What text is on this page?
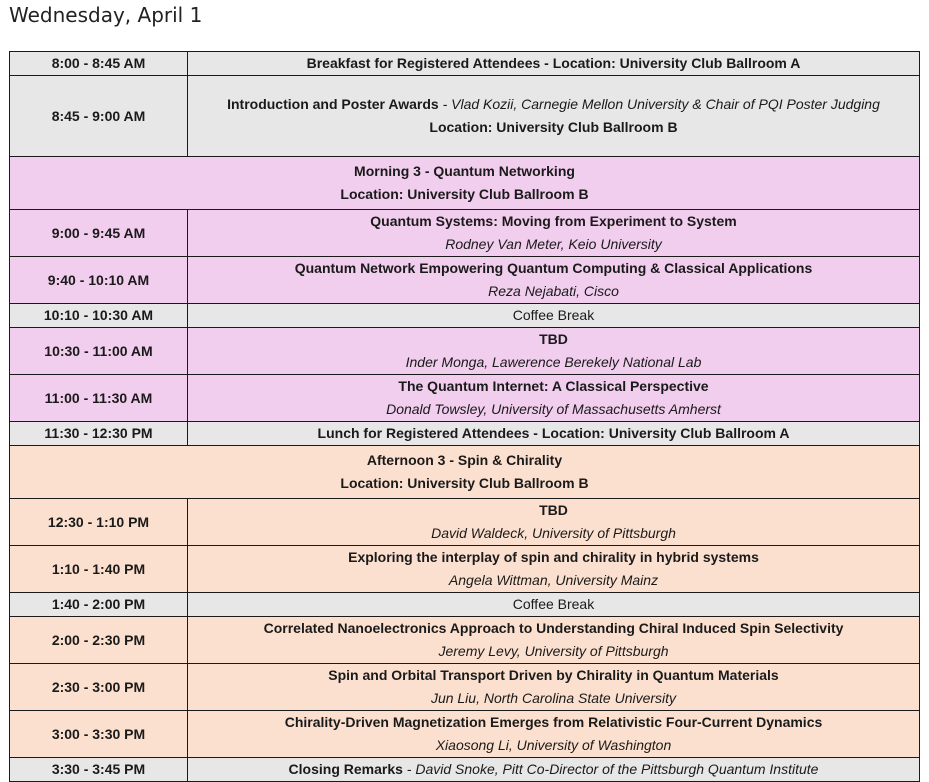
Wednesday, April 1
8:00 - 8:45 AM	Breakfast for Registered Attendees - Location: University Club Ballroom A
8:45 - 9:00 AM	Introduction and Poster Awards - Vlad Kozii, Carnegie Mellon University & Chair of PQI Poster Judging
Location: University Club Ballroom B

Morning 3 - Quantum Networking
Location: University Club Ballroom B	

9:00 - 9:45 AM	Quantum Systems: Moving from Experiment to System
Rodney Van Meter, Keio University

9:40 - 10:10 AM	Quantum Network Empowering Quantum Computing & Classical Applications
Reza Nejabati, Cisco

10:10 - 10:30 AM	Coffee Break
10:30 - 11:00 AM	TBD
Inder Monga, Lawerence Berekely National Lab

11:00 - 11:30 AM	The Quantum Internet: A Classical Perspective
Donald Towsley, University of Massachusetts Amherst

11:30 - 12:30 PM	Lunch for Registered Attendees - Location: University Club Ballroom A

Afternoon 3 - Spin & Chirality
Location: University Club Ballroom B	

12:30 - 1:10 PM	TBD
David Waldeck, University of Pittsburgh

1:10 - 1:40 PM	Exploring the interplay of spin and chirality in hybrid systems
Angela Wittman, University Mainz

1:40 - 2:00 PM	Coffee Break
2:00 - 2:30 PM	Correlated Nanoelectronics Approach to Understanding Chiral Induced Spin Selectivity
Jeremy Levy, University of Pittsburgh

2:30 - 3:00 PM	Spin and Orbital Transport Driven by Chirality in Quantum Materials
Jun Liu, North Carolina State University

3:00 - 3:30 PM	Chirality-Driven Magnetization Emerges from Relativistic Four-Current Dynamics
Xiaosong Li, University of Washington

3:30 - 3:45 PM	Closing Remarks - David Snoke, Pitt Co-Director of the Pittsburgh Quantum Institute
